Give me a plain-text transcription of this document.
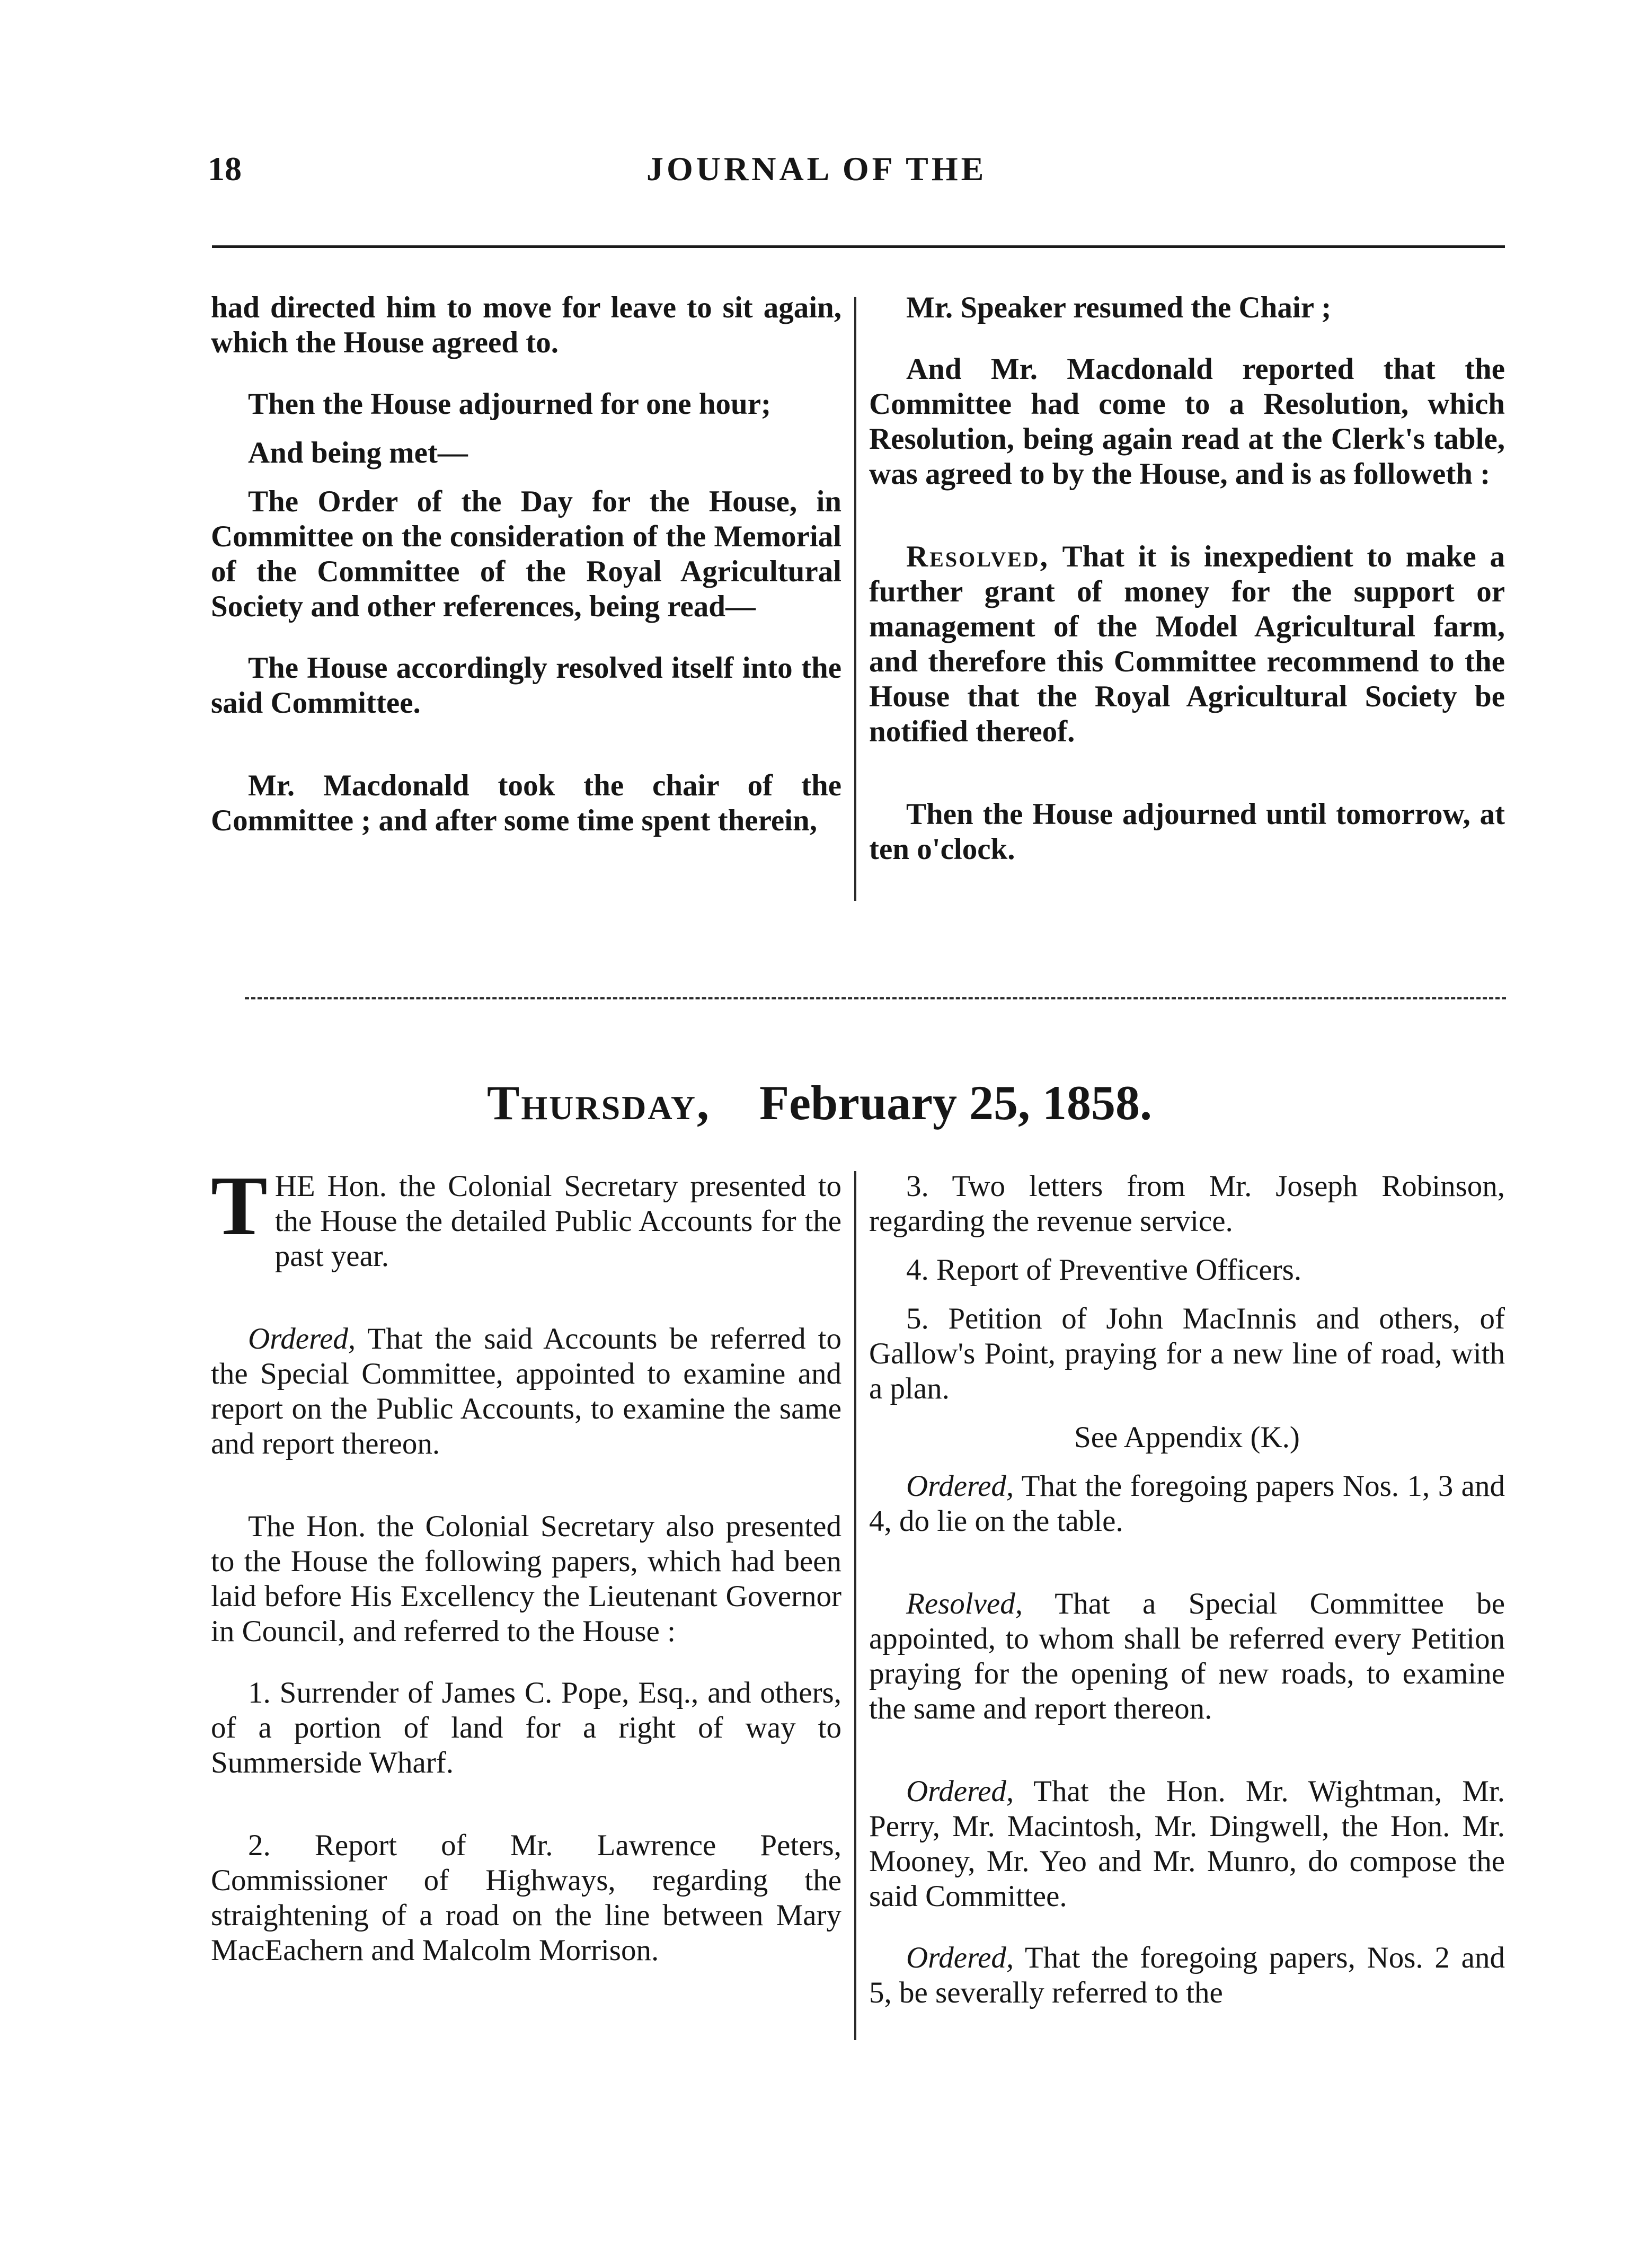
18	JOURNAL OF THE

had directed him to move for leave to sit again, which the House agreed to.

Then the House adjourned for one hour;

And being met—

The Order of the Day for the House, in Committee on the consideration of the Memorial of the Committee of the Royal Agricultural Society and other references, being read—

The House accordingly resolved itself into the said Committee.

Mr. Macdonald took the chair of the Committee ; and after some time spent therein,

Mr. Speaker resumed the Chair ;

And Mr. Macdonald reported that the Committee had come to a Resolution, which Resolution, being again read at the Clerk's table, was agreed to by the House, and is as followeth :

Resolved, That it is inexpedient to make a further grant of money for the support or management of the Model Agricultural farm, and therefore this Committee recommend to the House that the Royal Agricultural Society be notified thereof.

Then the House adjourned until tomorrow, at ten o'clock.

Thursday, February 25, 1858.

THE Hon. the Colonial Secretary presented to the House the detailed Public Accounts for the past year.

Ordered, That the said Accounts be referred to the Special Committee, appointed to examine and report on the Public Accounts, to examine the same and report thereon.

The Hon. the Colonial Secretary also presented to the House the following papers, which had been laid before His Excellency the Lieutenant Governor in Council, and referred to the House :

1. Surrender of James C. Pope, Esq., and others, of a portion of land for a right of way to Summerside Wharf.

2. Report of Mr. Lawrence Peters, Commissioner of Highways, regarding the straightening of a road on the line between Mary MacEachern and Malcolm Morrison.

3. Two letters from Mr. Joseph Robinson, regarding the revenue service.

4. Report of Preventive Officers.

5. Petition of John MacInnis and others, of Gallow's Point, praying for a new line of road, with a plan.

See Appendix (K.)

Ordered, That the foregoing papers Nos. 1, 3 and 4, do lie on the table.

Resolved, That a Special Committee be appointed, to whom shall be referred every Petition praying for the opening of new roads, to examine the same and report thereon.

Ordered, That the Hon. Mr. Wightman, Mr. Perry, Mr. Macintosh, Mr. Dingwell, the Hon. Mr. Mooney, Mr. Yeo and Mr. Munro, do compose the said Committee.

Ordered, That the foregoing papers, Nos. 2 and 5, be severally referred to the
